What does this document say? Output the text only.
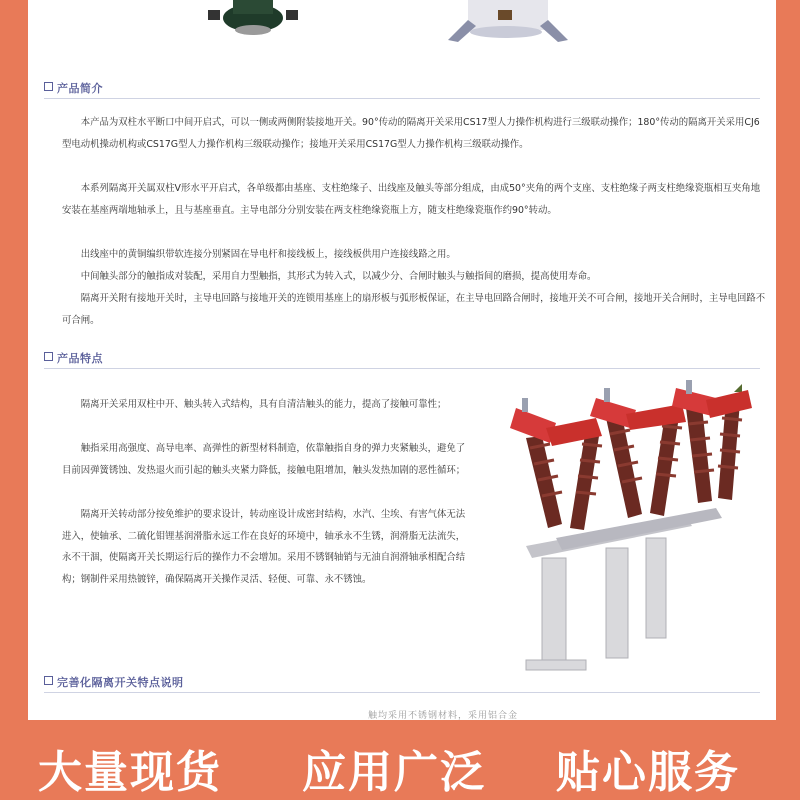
产品简介

本产品为双柱水平断口中间开启式，可以一侧或两侧附装接地开关。90°传动的隔离开关采用CS17型人力操作机构进行三级联动操作；180°传动的隔离开关采用CJ6型电动机操动机构或CS17G型人力操作机构三级联动操作；接地开关采用CS17G型人力操作机构三级联动操作。

本系列隔离开关属双柱V形水平开启式，各单级都由基座、支柱绝缘子、出线座及触头等部分组成，由成50°夹角的两个支座、支柱绝缘子两支柱绝缘瓷瓶相互夹角地安装在基座两端地轴承上，且与基座垂直。主导电部分分别安装在两支柱绝缘瓷瓶上方，随支柱绝缘瓷瓶作约90°转动。

出线座中的黄铜编织带软连接分别紧固在导电杆和接线板上，接线板供用户连接线路之用。

中间触头部分的触指成对装配，采用自力型触指，其形式为转入式，以减少分、合闸时触头与触指间的磨损，提高使用寿命。

隔离开关附有接地开关时，主导电回路与接地开关的连锁用基座上的扇形板与弧形板保证，在主导电回路合闸时，接地开关不可合闸，接地开关合闸时，主导电回路不可合闸。

产品特点

隔离开关采用双柱中开、触头转入式结构，具有自清洁触头的能力，提高了接触可靠性；

触指采用高强度、高导电率、高弹性的新型材料制造，依靠触指自身的弹力夹紧触头，避免了目前因弹簧锈蚀、发热退火而引起的触头夹紧力降低，接触电阻增加，触头发热加剧的恶性循环；

隔离开关转动部分按免维护的要求设计，转动座设计成密封结构，水汽、尘埃、有害气体无法进入，使轴承、二硫化钼锂基润滑脂永远工作在良好的环境中，轴承永不生锈，润滑脂无法流失，永不干涸，使隔离开关长期运行后的操作力不会增加。采用不锈钢轴销与无油自润滑轴承相配合结构；钢制件采用热镀锌，确保隔离开关操作灵活、轻便、可靠、永不锈蚀。

完善化隔离开关特点说明
触均采用不锈钢材料，采用铝合金
大量现货 应用广泛 贴心服务
